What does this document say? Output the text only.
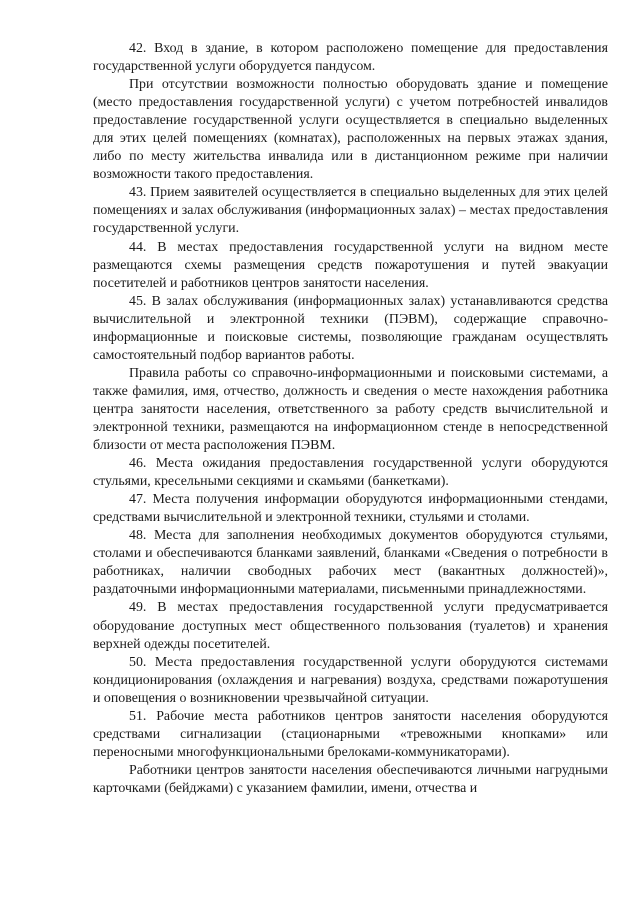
42. Вход в здание, в котором расположено помещение для предоставления государственной услуги оборудуется пандусом.

При отсутствии возможности полностью оборудовать здание и помещение (место предоставления государственной услуги) с учетом потребностей инвалидов предоставление государственной услуги осуществляется в специально выделенных для этих целей помещениях (комнатах), расположенных на первых этажах здания, либо по месту жительства инвалида или в дистанционном режиме при наличии возможности такого предоставления.

43. Прием заявителей осуществляется в специально выделенных для этих целей помещениях и залах обслуживания (информационных залах) – местах предоставления государственной услуги.

44. В местах предоставления государственной услуги на видном месте размещаются схемы размещения средств пожаротушения и путей эвакуации посетителей и работников центров занятости населения.

45. В залах обслуживания (информационных залах) устанавливаются средства вычислительной и электронной техники (ПЭВМ), содержащие справочно-информационные и поисковые системы, позволяющие гражданам осуществлять самостоятельный подбор вариантов работы.

Правила работы со справочно-информационными и поисковыми системами, а также фамилия, имя, отчество, должность и сведения о месте нахождения работника центра занятости населения, ответственного за работу средств вычислительной и электронной техники, размещаются на информационном стенде в непосредственной близости от места расположения ПЭВМ.

46. Места ожидания предоставления государственной услуги оборудуются стульями, кресельными секциями и скамьями (банкетками).

47. Места получения информации оборудуются информационными стендами, средствами вычислительной и электронной техники, стульями и столами.

48. Места для заполнения необходимых документов оборудуются стульями, столами и обеспечиваются бланками заявлений, бланками «Сведения о потребности в работниках, наличии свободных рабочих мест (вакантных должностей)», раздаточными информационными материалами, письменными принадлежностями.

49. В местах предоставления государственной услуги предусматривается оборудование доступных мест общественного пользования (туалетов) и хранения верхней одежды посетителей.

50. Места предоставления государственной услуги оборудуются системами кондиционирования (охлаждения и нагревания) воздуха, средствами пожаротушения и оповещения о возникновении чрезвычайной ситуации.

51. Рабочие места работников центров занятости населения оборудуются средствами сигнализации (стационарными «тревожными кнопками» или переносными многофункциональными брелоками-коммуникаторами).

Работники центров занятости населения обеспечиваются личными нагрудными карточками (бейджами) с указанием фамилии, имени, отчества и
